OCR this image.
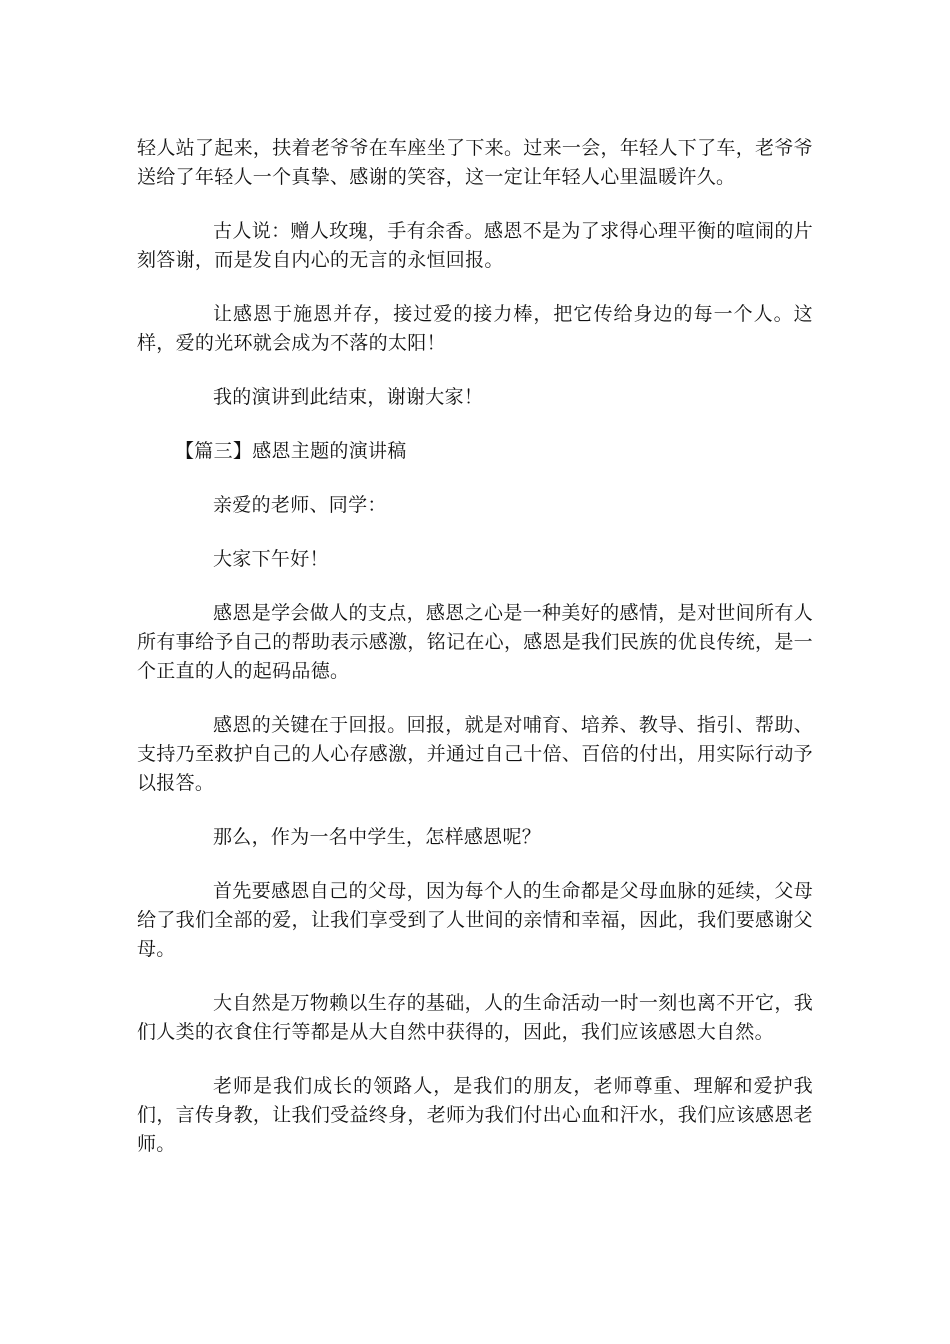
轻人站了起来，扶着老爷爷在车座坐了下来。过来一会，年轻人下了车，老爷爷送给了年轻人一个真挚、感谢的笑容，这一定让年轻人心里温暖许久。

古人说：赠人玫瑰，手有余香。感恩不是为了求得心理平衡的喧闹的片刻答谢，而是发自内心的无言的永恒回报。

让感恩于施恩并存，接过爱的接力棒，把它传给身边的每一个人。这样，爱的光环就会成为不落的太阳！

我的演讲到此结束，谢谢大家！

【篇三】感恩主题的演讲稿

亲爱的老师、同学：

大家下午好！

感恩是学会做人的支点，感恩之心是一种美好的感情，是对世间所有人所有事给予自己的帮助表示感激，铭记在心，感恩是我们民族的优良传统，是一个正直的人的起码品德。

感恩的关键在于回报。回报，就是对哺育、培养、教导、指引、帮助、支持乃至救护自己的人心存感激，并通过自己十倍、百倍的付出，用实际行动予以报答。

那么，作为一名中学生，怎样感恩呢？

首先要感恩自己的父母，因为每个人的生命都是父母血脉的延续，父母给了我们全部的爱，让我们享受到了人世间的亲情和幸福，因此，我们要感谢父母。

大自然是万物赖以生存的基础，人的生命活动一时一刻也离不开它，我们人类的衣食住行等都是从大自然中获得的，因此，我们应该感恩大自然。

老师是我们成长的领路人，是我们的朋友，老师尊重、理解和爱护我们，言传身教，让我们受益终身，老师为我们付出心血和汗水，我们应该感恩老师。
